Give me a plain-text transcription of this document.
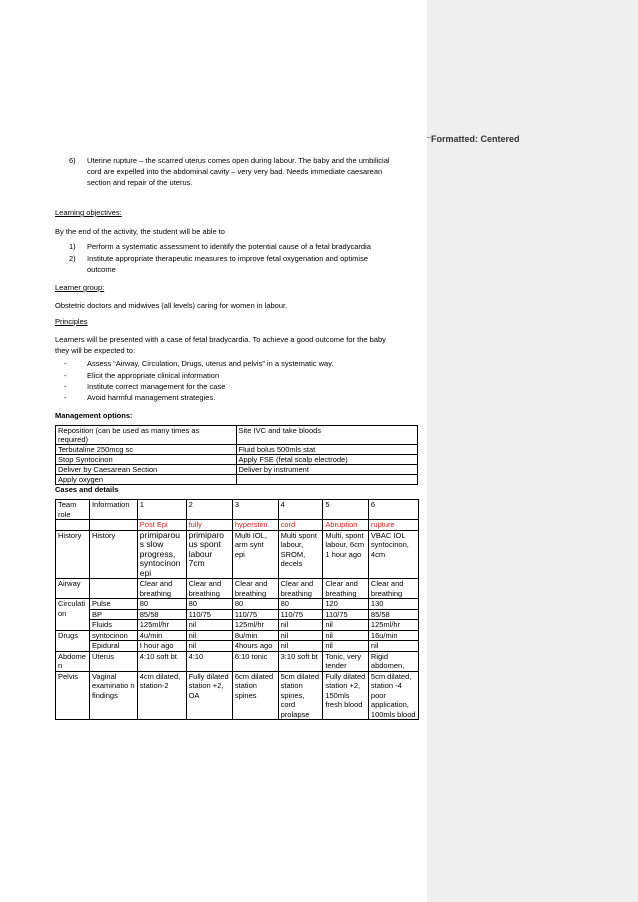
Formatted: Centered
6) Uterine rupture – the scarred uterus comes open during labour. The baby and the umbilicial
cord are expelled into the abdominal cavity – very very bad. Needs immediate caesarean
section and repair of the uterus.
Learning objectives:
By the end of the activity, the student will be able to
1) Perform a systematic assessment to identify the potential cause of a fetal bradycardia
2) Institute appropriate therapeutic measures to improve fetal oxygenation and optimise
outcome
Learner group:
Obstetric doctors and midwives (all levels) caring for women in labour.
Principles
Learners will be presented with a case of fetal bradycardia. To achieve a good outcome for the baby
they will be expected to:
-	Assess “Airway, Circulation, Drugs, uterus and pelvis” in a systematic way.
-	Elicit the appropriate clinical information
-	Institute correct management for the case
-	Avoid harmful management strategies.
Management options:
Reposition (can be used as many times as	Site IVC and take bloods
required)	
Terbutaline 250mcg sc	Fluid bolus 500mls stat
Stop Syntocinon	Apply FSE (fetal scalp electrode)
Deliver by Caesarean Section	Deliver by instrument
Apply oxygen	
Cases and details
Team role	Information	1	2	3	4	5	6
		Post Epi	fully	hyperstim	cord	Abruption	rupture
History	History	primiparou s slow progress, syntocinon epi	primiparo us spont labour 7cm	Multi IOL, arm synt epi	Multi spont labour, SROM, decels	Multi, spont labour, 6cm 1 hour ago	VBAC IOL syntocinon, 4cm
Airway		Clear and breathing	Clear and breathing	Clear and breathing	Clear and breathing	Clear and breathing	Clear and breathing
Circulati	Pulse	80	80	80	80	120	130
on	BP	85/58	110/75	110/75	110/75	110/75	85/58
	Fluids	125ml/hr	nil	125ml/hr	nil	nil	125ml/hr
Drugs	syntocinon	4u/min	nil	8u/min	nil	nil	16u/min
	Epidural	I hour ago	nil	4hours ago	nil	nil	nil
Abdome n	Uterus	4:10 soft bt	4:10	6:10 tonic	3:10 soft bt	Tonic, very tender	Rigid abdomen,
Pelvis	Vaginal examinatio n findings	4cm dilated, station-2	Fully dilated station +2, OA	6cm dilated station spines	5cm dilated station spines, cord prolapse	Fully dilated station +2, 150mls fresh blood	5cm dilated, station -4 poor application, 100mls blood
